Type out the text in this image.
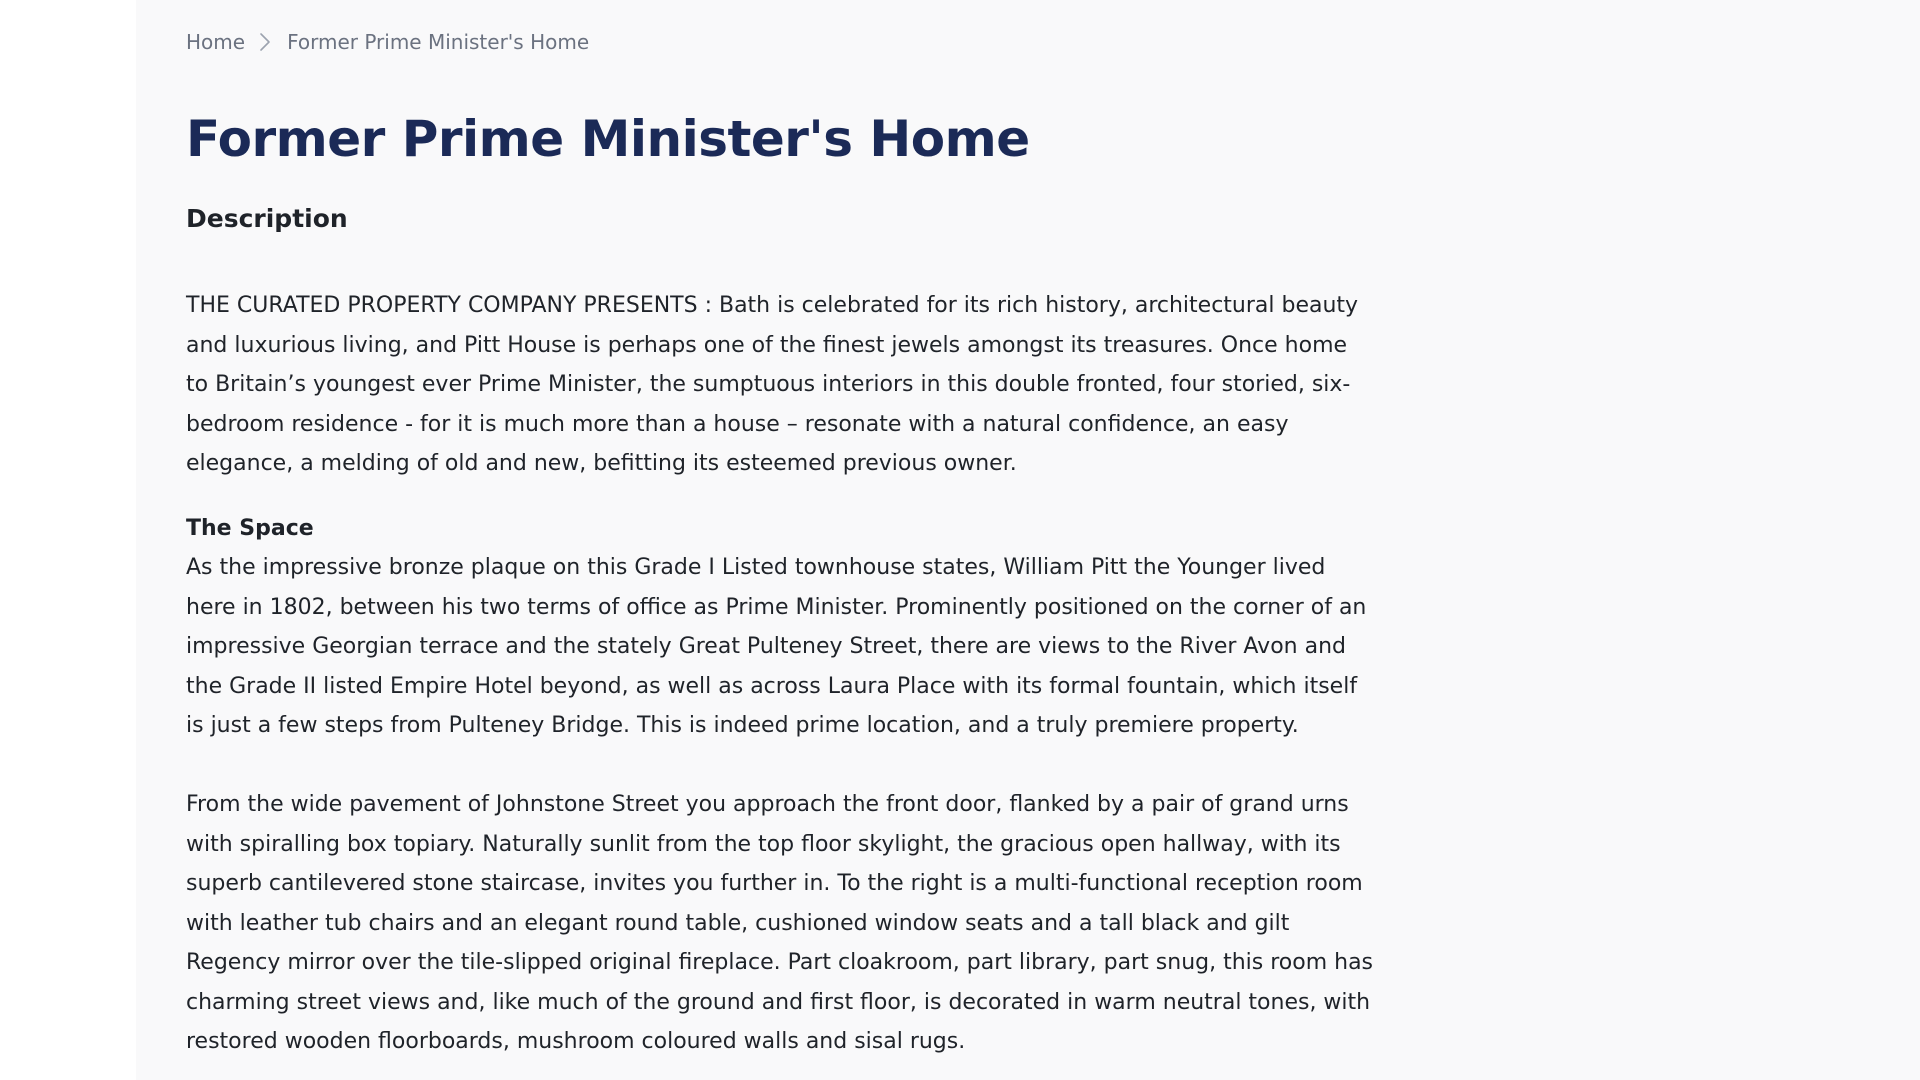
Home Former Prime Minister's Home
Former Prime Minister's Home
Description

THE CURATED PROPERTY COMPANY PRESENTS : Bath is celebrated for its rich history, architectural beauty and luxurious living, and Pitt House is perhaps one of the finest jewels amongst its treasures. Once home to Britain’s youngest ever Prime Minister, the sumptuous interiors in this double fronted, four storied, six-bedroom residence - for it is much more than a house – resonate with a natural confidence, an easy elegance, a melding of old and new, befitting its esteemed previous owner.

The Space
As the impressive bronze plaque on this Grade I Listed townhouse states, William Pitt the Younger lived here in 1802, between his two terms of office as Prime Minister. Prominently positioned on the corner of an impressive Georgian terrace and the stately Great Pulteney Street, there are views to the River Avon and the Grade II listed Empire Hotel beyond, as well as across Laura Place with its formal fountain, which itself is just a few steps from Pulteney Bridge. This is indeed prime location, and a truly premiere property.

From the wide pavement of Johnstone Street you approach the front door, flanked by a pair of grand urns with spiralling box topiary. Naturally sunlit from the top floor skylight, the gracious open hallway, with its superb cantilevered stone staircase, invites you further in. To the right is a multi-functional reception room with leather tub chairs and an elegant round table, cushioned window seats and a tall black and gilt Regency mirror over the tile-slipped original fireplace. Part cloakroom, part library, part snug, this room has charming street views and, like much of the ground and first floor, is decorated in warm neutral tones, with restored wooden floorboards, mushroom coloured walls and sisal rugs.
